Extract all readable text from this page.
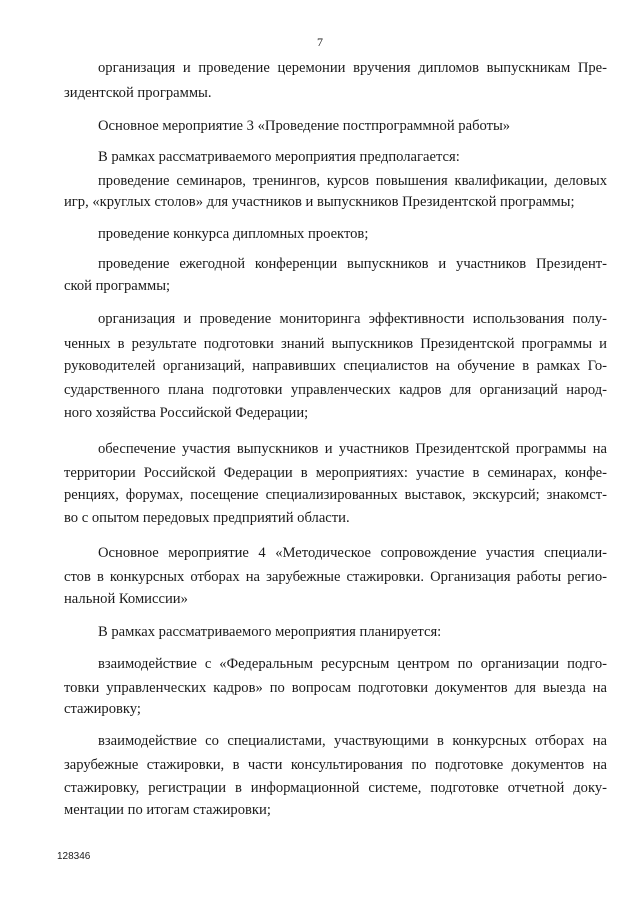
7
организация и проведение церемонии вручения дипломов выпускникам Пре-
зидентской программы.
Основное мероприятие 3 «Проведение постпрограммной работы»
В рамках рассматриваемого мероприятия предполагается:
проведение семинаров, тренингов, курсов повышения квалификации, деловых
игр, «круглых столов» для участников и выпускников Президентской программы;
проведение конкурса дипломных проектов;
проведение ежегодной конференции выпускников и участников Президент-
ской программы;
организация и проведение мониторинга эффективности использования полу-
ченных в результате подготовки знаний выпускников Президентской программы и
руководителей организаций, направивших специалистов на обучение в рамках Го-
сударственного плана подготовки управленческих кадров для организаций народ-
ного хозяйства Российской Федерации;
обеспечение участия выпускников и участников Президентской программы на
территории Российской Федерации в мероприятиях: участие в семинарах, конфе-
ренциях, форумах, посещение специализированных выставок, экскурсий; знакомст-
во с опытом передовых предприятий области.
Основное мероприятие 4 «Методическое сопровождение участия специали-
стов в конкурсных отборах на зарубежные стажировки. Организация работы регио-
нальной Комиссии»
В рамках рассматриваемого мероприятия планируется:
взаимодействие с «Федеральным ресурсным центром по организации подго-
товки управленческих кадров» по вопросам подготовки документов для выезда на
стажировку;
взаимодействие со специалистами, участвующими в конкурсных отборах на
зарубежные стажировки, в части консультирования по подготовке документов на
стажировку, регистрации в информационной системе, подготовке отчетной доку-
ментации по итогам стажировки;
128346
